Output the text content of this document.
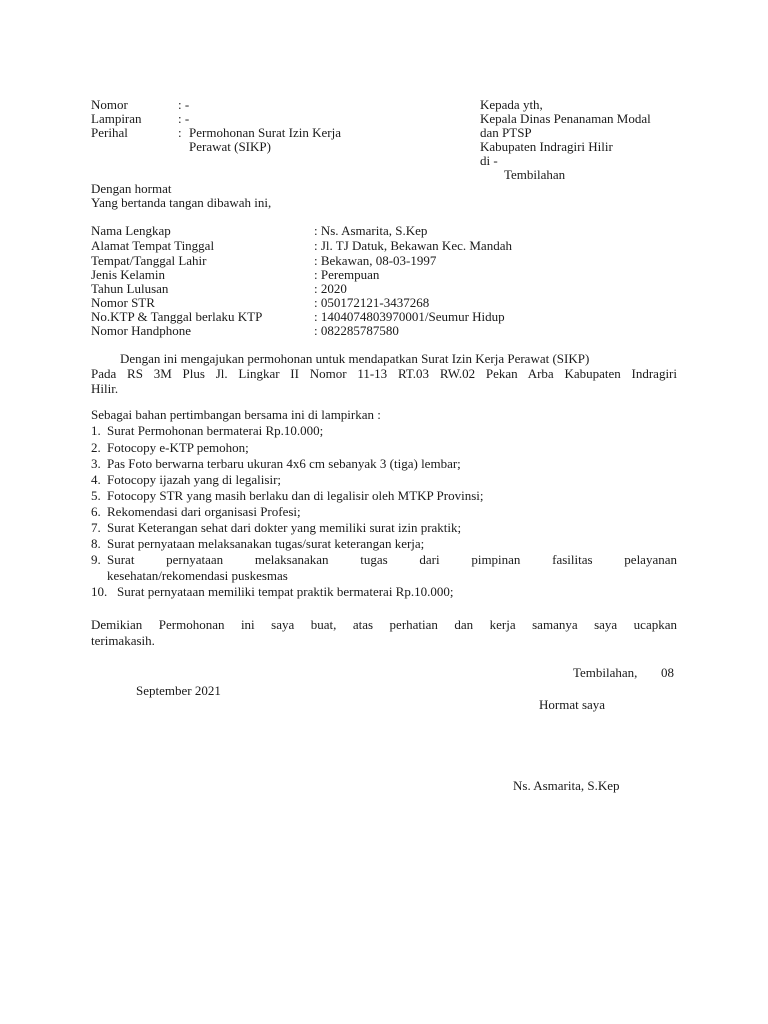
Nomor	: -
Lampiran	: -
Perihal	: Permohonan Surat Izin Kerja
Perawat (SIKP)
Kepada yth,
Kepala Dinas Penanaman Modal
dan PTSP
Kabupaten Indragiri Hilir
di -
Tembilahan
Dengan hormat
Yang bertanda tangan dibawah ini,
Nama Lengkap	: Ns. Asmarita, S.Kep
Alamat Tempat Tinggal	: Jl. TJ Datuk, Bekawan Kec. Mandah
Tempat/Tanggal Lahir	: Bekawan, 08-03-1997
Jenis Kelamin	: Perempuan
Tahun Lulusan	: 2020
Nomor STR	: 050172121-3437268
No.KTP & Tanggal berlaku KTP	: 1404074803970001/Seumur Hidup
Nomor Handphone	: 082285787580
Dengan ini mengajukan permohonan untuk mendapatkan Surat Izin Kerja Perawat (SIKP)
Pada RS 3M Plus Jl. Lingkar II Nomor 11-13 RT.03 RW.02 Pekan Arba Kabupaten Indragiri
Hilir.
Sebagai bahan pertimbangan bersama ini di lampirkan :
1. Surat Permohonan bermaterai Rp.10.000;
2. Fotocopy e-KTP pemohon;
3. Pas Foto berwarna terbaru ukuran 4x6 cm sebanyak 3 (tiga) lembar;
4. Fotocopy ijazah yang di legalisir;
5. Fotocopy STR yang masih berlaku dan di legalisir oleh MTKP Provinsi;
6. Rekomendasi dari organisasi Profesi;
7. Surat Keterangan sehat dari dokter yang memiliki surat izin praktik;
8. Surat pernyataan melaksanakan tugas/surat keterangan kerja;
9. Surat pernyataan melaksanakan tugas dari pimpinan fasilitas pelayanan
kesehatan/rekomendasi puskesmas
10. Surat pernyataan memiliki tempat praktik bermaterai Rp.10.000;
Demikian Permohonan ini saya buat, atas perhatian dan kerja samanya saya ucapkan
terimakasih.
Tembilahan, 08
September 2021
Hormat saya
Ns. Asmarita, S.Kep
